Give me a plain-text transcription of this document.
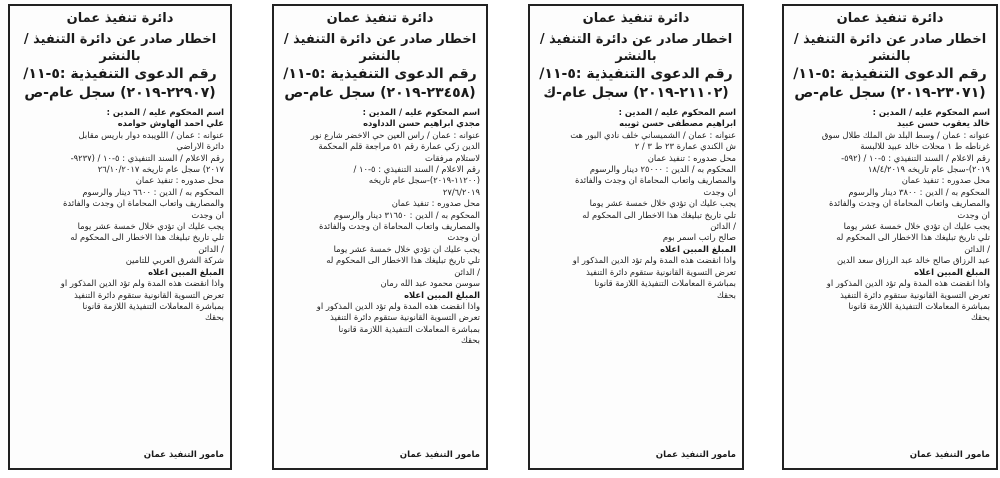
دائرة تنفيذ عمان
اخطار صادر عن دائرة التنفيذ / بالنشر
رقم الدعوى التنفيذية :٥-١١/
(٢٣٠٧١-٢٠١٩) سجل عام-ص
اسم المحكوم عليه / المدين :
خالد يعقوب حسن عبيد
عنوانه : عمان / وسط البلد ش الملك طلال سوق
غرناطه ط ١ محلات خالد عبيد للالبسة
رقم الاعلام / السند التنفيذي : ٥-١٠ / (٥٩٢-
٢٠١٩)-سجل عام تاريخه ١٨/٤/٢٠١٩
محل صدوره : تنفيذ عمان
المحكوم به / الدين : ٣٨٠٠ دينار والرسوم
والمصاريف واتعاب المحاماة ان وجدت والفائدة
ان وجدت
يجب عليك ان تؤدي خلال خمسة عشر يوما
تلي تاريخ تبليغك هذا الاخطار الى المحكوم له
/ الدائن
عبد الرزاق صالح خالد عبد الرزاق سعد الدين
المبلغ المبين اعلاه
واذا انقضت هذه المدة ولم تؤد الدين المذكور او
تعرض التسوية القانونية ستقوم دائرة التنفيذ
بمباشرة المعاملات التنفيذية اللازمة قانونا
بحقك
مامور التنفيذ عمان
دائرة تنفيذ عمان
اخطار صادر عن دائرة التنفيذ / بالنشر
رقم الدعوى التنفيذية :٥-١١/
(٢١١٠٢-٢٠١٩) سجل عام-ك
اسم المحكوم عليه / المدين :
ابراهيم مصطفى حسن ثويبه
عنوانه : عمان / الشميساني خلف نادي البور هت
ش الكندي عمارة ٢٣ ط ٣ / ٢
محل صدوره : تنفيذ عمان
المحكوم به / الدين : ٢٥٠٠٠ دينار والرسوم
والمصاريف واتعاب المحاماة ان وجدت والفائدة
ان وجدت
يجب عليك ان تؤدي خلال خمسة عشر يوما
تلي تاريخ تبليغك هذا الاخطار الى المحكوم له
/ الدائن
صالح راتب اسمر بوم
المبلغ المبين اعلاه
واذا انقضت هذه المدة ولم تؤد الدين المذكور او
تعرض التسوية القانونية ستقوم دائرة التنفيذ
بمباشرة المعاملات التنفيذية اللازمة قانونا
بحقك
مامور التنفيذ عمان
دائرة تنفيذ عمان
اخطار صادر عن دائرة التنفيذ / بالنشر
رقم الدعوى التنفيذية :٥-١١/
(٢٣٤٥٨-٢٠١٩) سجل عام-ص
اسم المحكوم عليه / المدين :
مجدي ابراهيم حسن الدداوده
عنوانه : عمان / راس العين حي الاخضر شارع نور
الدين زكي عمارة رقم ٥١ مراجعة قلم المحكمة
لاستلام مرفقات
رقم الاعلام / السند التنفيذي : ٥-١٠ /
(١١٢٠٠-٢٠١٩)-سجل عام تاريخه
٢٧/٦/٢٠١٩
محل صدوره : تنفيذ عمان
المحكوم به / الدين : ٣١٦٥٠ دينار والرسوم
والمصاريف واتعاب المحاماة ان وجدت والفائدة
ان وجدت
يجب عليك ان تؤدي خلال خمسة عشر يوما
تلي تاريخ تبليغك هذا الاخطار الى المحكوم له
/ الدائن
سوسن محمود عبد الله رمان
المبلغ المبين اعلاه
واذا انقضت هذه المدة ولم تؤد الدين المذكور او
تعرض التسوية القانونية ستقوم دائرة التنفيذ
بمباشرة المعاملات التنفيذية اللازمة قانونا
بحقك
مامور التنفيذ عمان
دائرة تنفيذ عمان
اخطار صادر عن دائرة التنفيذ / بالنشر
رقم الدعوى التنفيذية :٥-١١/
(٢٢٩٠٧-٢٠١٩) سجل عام-ص
اسم المحكوم عليه / المدين :
علي احمد الهاوش حوامده
عنوانه : عمان / اللويبده دوار باريس مقابل
دائرة الاراضي
رقم الاعلام / السند التنفيذي : ٥-١٠ / (٩٢٣٧-
٢٠١٧) سجل عام تاريخه ٢٦/١٠/٢٠١٧
محل صدوره : تنفيذ عمان
المحكوم به / الدين : ٦٦٠٠ دينار والرسوم
والمصاريف واتعاب المحاماة ان وجدت والفائدة
ان وجدت
يجب عليك ان تؤدي خلال خمسة عشر يوما
تلي تاريخ تبليغك هذا الاخطار الى المحكوم له
/ الدائن
شركة الشرق العربي للتامين
المبلغ المبين اعلاه
واذا انقضت هذه المدة ولم تؤد الدين المذكور او
تعرض التسوية القانونية ستقوم دائرة التنفيذ
بمباشرة المعاملات التنفيذية اللازمة قانونا
بحقك
مامور التنفيذ عمان
